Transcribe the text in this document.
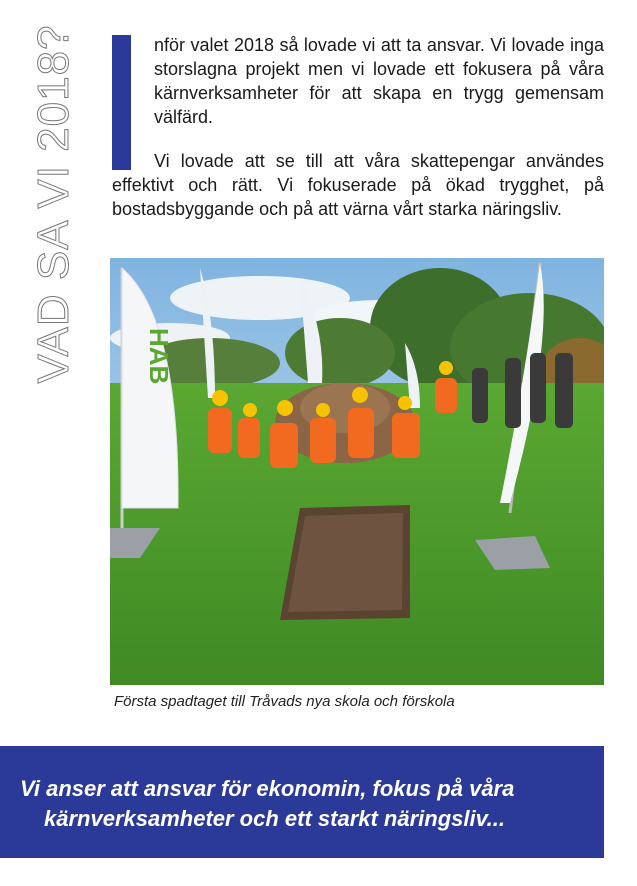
VAD SA VI 2018?	nför valet 2018 så lovade vi att ta ansvar. Vi lovade inga storslagna projekt men vi lovade ett fokusera på våra kärnverksamheter för att skapa en trygg gemensam välfärd.

Vi lovade att se till att våra skattepengar användes effektivt och rätt. Vi fokuserade på ökad trygghet, på bostadsbyggande och på att värna vårt starka näringsliv.

HAB
Första spadtaget till Tråvads nya skola och förskola
Vi anser att ansvar för ekonomin, fokus på våra
kärnverksamheter och ett starkt näringsliv...
